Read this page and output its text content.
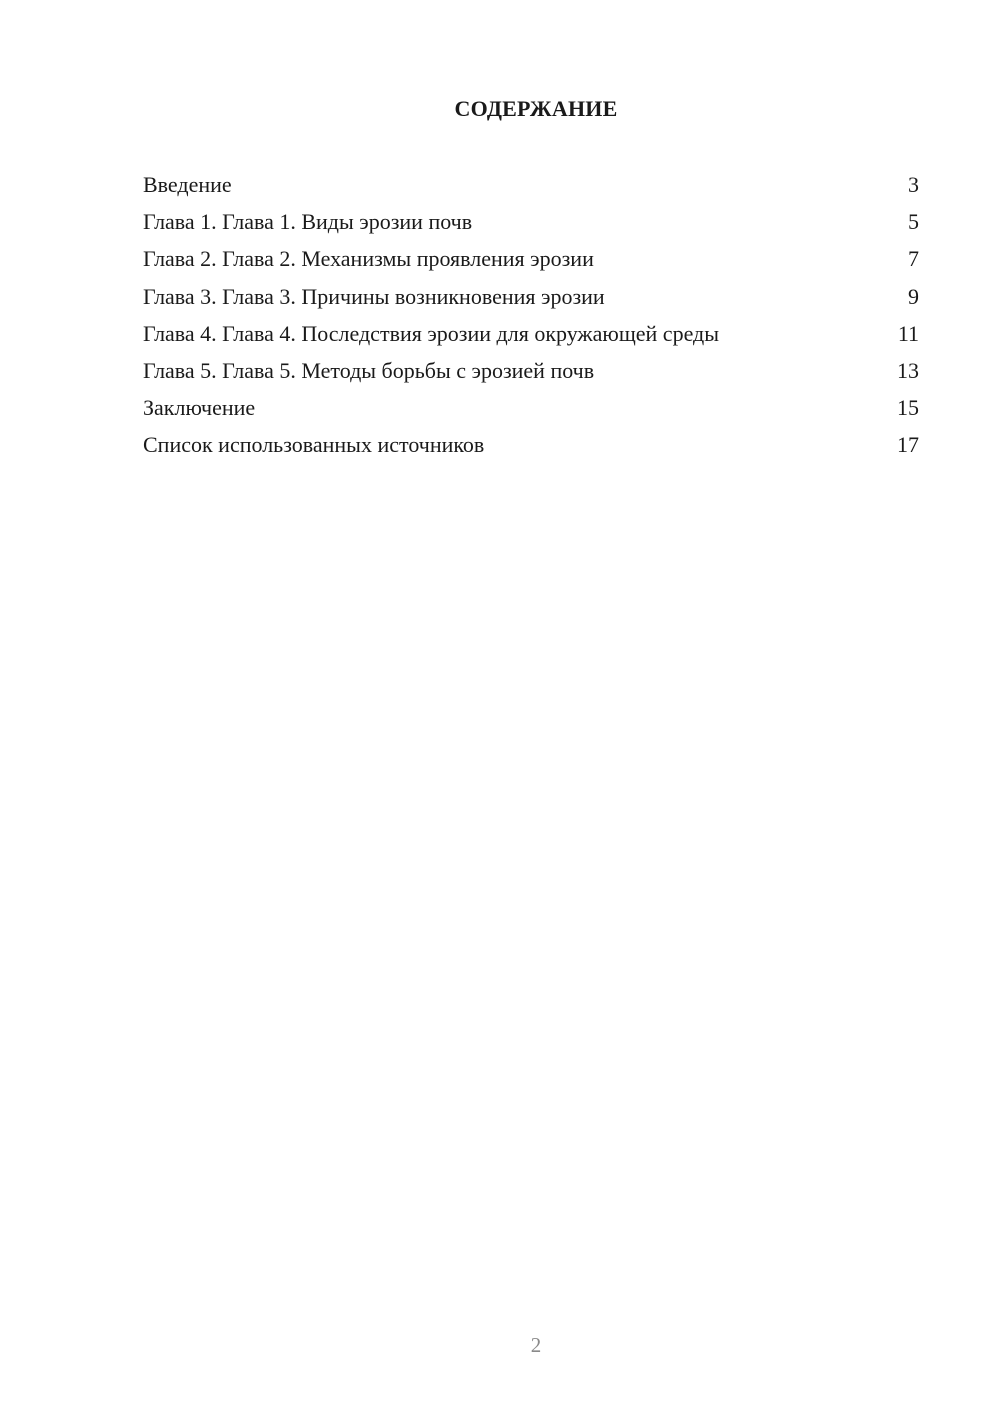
СОДЕРЖАНИЕ
Введение	3
Глава 1. Глава 1. Виды эрозии почв	5
Глава 2. Глава 2. Механизмы проявления эрозии	7
Глава 3. Глава 3. Причины возникновения эрозии	9
Глава 4. Глава 4. Последствия эрозии для окружающей среды	11
Глава 5. Глава 5. Методы борьбы с эрозией почв	13
Заключение	15
Список использованных источников	17
2
